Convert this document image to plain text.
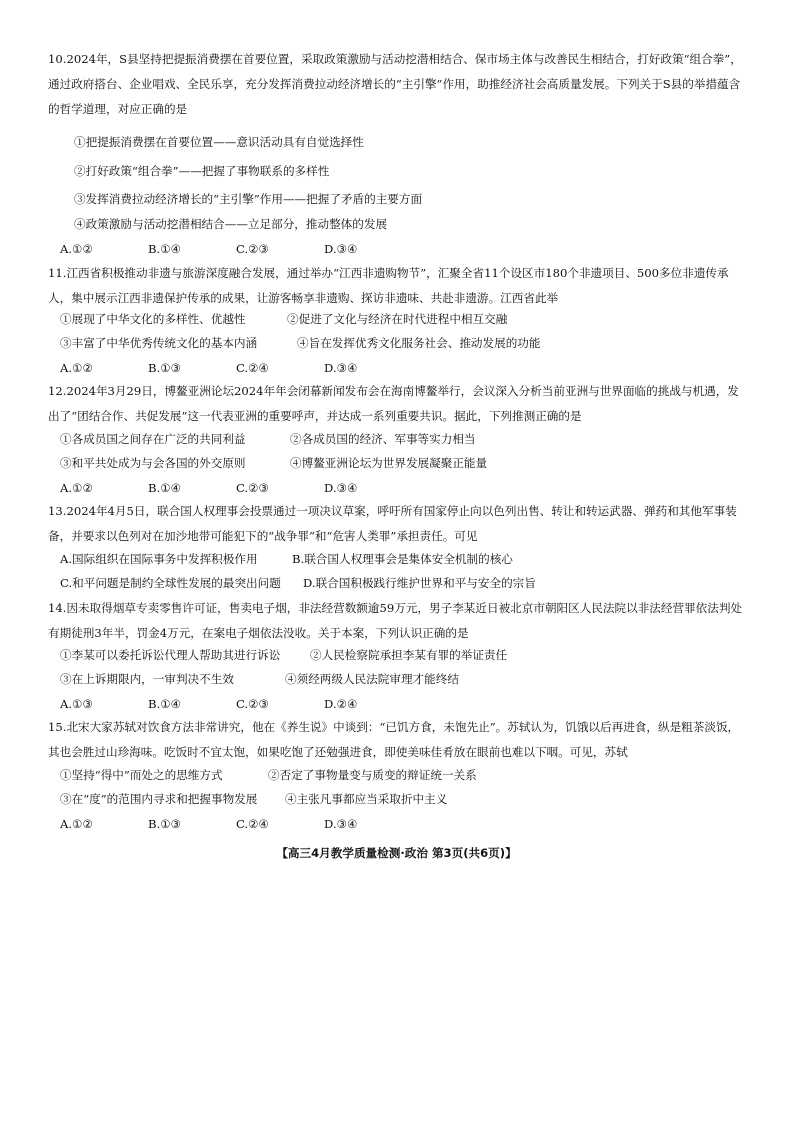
10.2024年，S县坚持把提振消费摆在首要位置，采取政策激励与活动挖潜相结合、保市场主体与改善民生相结合，打好政策“组合拳”，通过政府搭台、企业唱戏、全民乐享，充分发挥消费拉动经济增长的“主引擎”作用，助推经济社会高质量发展。下列关于S县的举措蕴含的哲学道理，对应正确的是

①把提振消费摆在首要位置——意识活动具有自觉选择性
②打好政策“组合拳”——把握了事物联系的多样性
③发挥消费拉动经济增长的“主引擎”作用——把握了矛盾的主要方面
④政策激励与活动挖潜相结合——立足部分，推动整体的发展
A.①②	B.①④	C.②③	D.③④

11.江西省积极推动非遗与旅游深度融合发展，通过举办“江西非遗购物节”，汇聚全省11个设区市180个非遗项目、500多位非遗传承人，集中展示江西非遗保护传承的成果，让游客畅享非遗购、探访非遗味、共赴非遗游。江西省此举

①展现了中华文化的多样性、优越性	②促进了文化与经济在时代进程中相互交融
③丰富了中华优秀传统文化的基本内涵	④旨在发挥优秀文化服务社会、推动发展的功能
A.①②	B.①③	C.②④	D.③④

12.2024年3月29日，博鳌亚洲论坛2024年年会闭幕新闻发布会在海南博鳌举行，会议深入分析当前亚洲与世界面临的挑战与机遇，发出了“团结合作、共促发展”这一代表亚洲的重要呼声，并达成一系列重要共识。据此，下列推测正确的是

①各成员国之间存在广泛的共同利益	②各成员国的经济、军事等实力相当
③和平共处成为与会各国的外交原则	④博鳌亚洲论坛为世界发展凝聚正能量
A.①②	B.①④	C.②③	D.③④

13.2024年4月5日，联合国人权理事会投票通过一项决议草案，呼吁所有国家停止向以色列出售、转让和转运武器、弹药和其他军事装备，并要求以色列对在加沙地带可能犯下的“战争罪”和“危害人类罪”承担责任。可见

A.国际组织在国际事务中发挥积极作用	B.联合国人权理事会是集体安全机制的核心
C.和平问题是制约全球性发展的最突出问题 D.联合国积极践行维护世界和平与安全的宗旨

14.因未取得烟草专卖零售许可证，售卖电子烟，非法经营数额逾59万元，男子李某近日被北京市朝阳区人民法院以非法经营罪依法判处有期徒刑3年半，罚金4万元，在案电子烟依法没收。关于本案，下列认识正确的是

①李某可以委托诉讼代理人帮助其进行诉讼	②人民检察院承担李某有罪的举证责任
③在上诉期限内，一审判决不生效	④须经两级人民法院审理才能终结
A.①③	B.①④	C.②③	D.②④

15.北宋大家苏轼对饮食方法非常讲究，他在《养生说》中谈到：“已饥方食，未饱先止”。苏轼认为，饥饿以后再进食，纵是粗茶淡饭，其也会胜过山珍海味。吃饭时不宜太饱，如果吃饱了还勉强进食，即使美味佳肴放在眼前也难以下咽。可见，苏轼

①坚持“得中”而处之的思维方式	②否定了事物量变与质变的辩证统一关系
③在“度”的范围内寻求和把握事物发展 ④主张凡事都应当采取折中主义
A.①②	B.①③	C.②④	D.③④
【高三4月教学质量检测·政治 第3页(共6页)】
